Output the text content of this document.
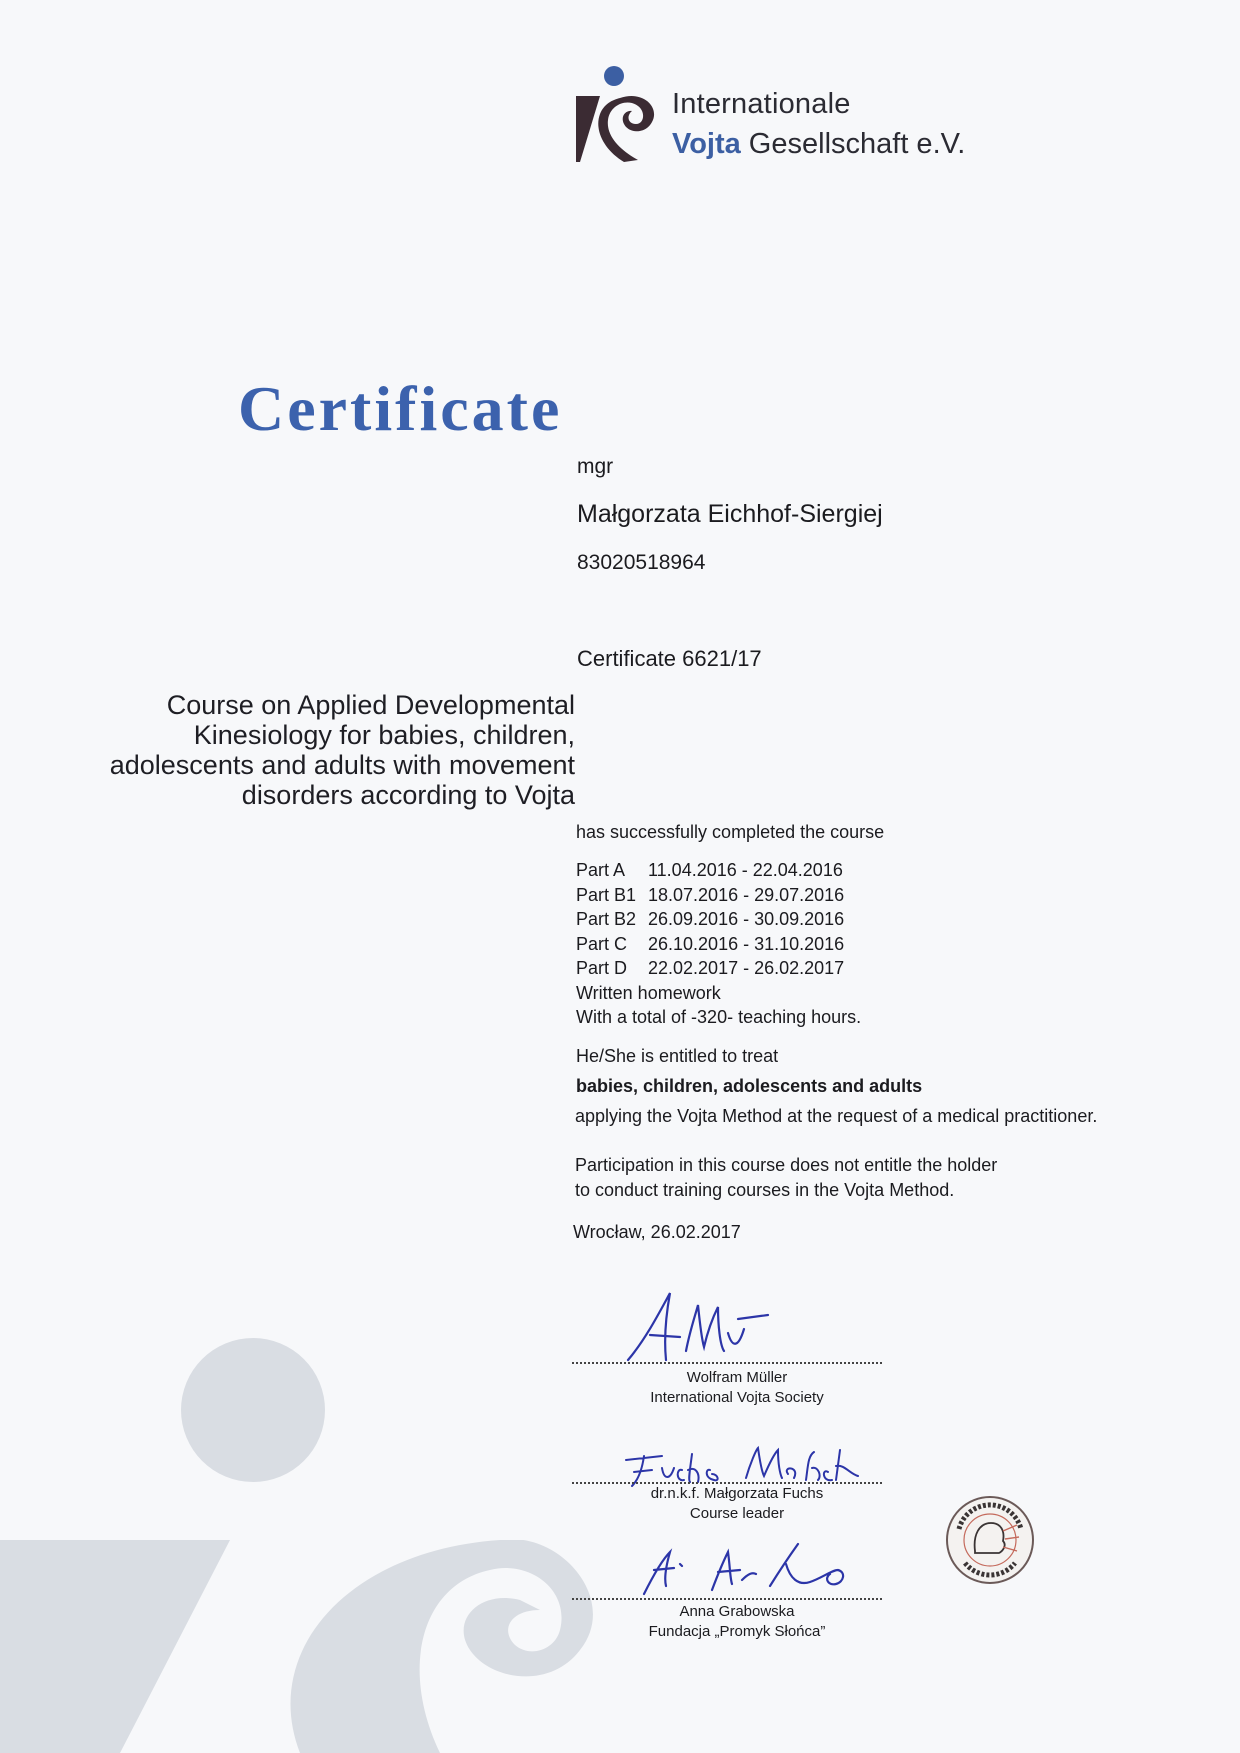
Internationale
Vojta Gesellschaft e.V.
Certificate
mgr
Małgorzata Eichhof-Siergiej
83020518964
Certificate 6621/17
Course on Applied Developmental Kinesiology for babies, children, adolescents and adults with movement disorders according to Vojta
has successfully completed the course
Part A	11.04.2016 - 22.04.2016
Part B1 18.07.2016 - 29.07.2016
Part B2 26.09.2016 - 30.09.2016
Part C	26.10.2016 - 31.10.2016
Part D	22.02.2017 - 26.02.2017
Written homework
With a total of -320- teaching hours.
He/She is entitled to treat
babies, children, adolescents and adults
applying the Vojta Method at the request of a medical practitioner.
Participation in this course does not entitle the holder
to conduct training courses in the Vojta Method.
Wrocław, 26.02.2017
Wolfram Müller
International Vojta Society
dr.n.k.f. Małgorzata Fuchs
Course leader
Anna Grabowska
Fundacja „Promyk Słońca”
